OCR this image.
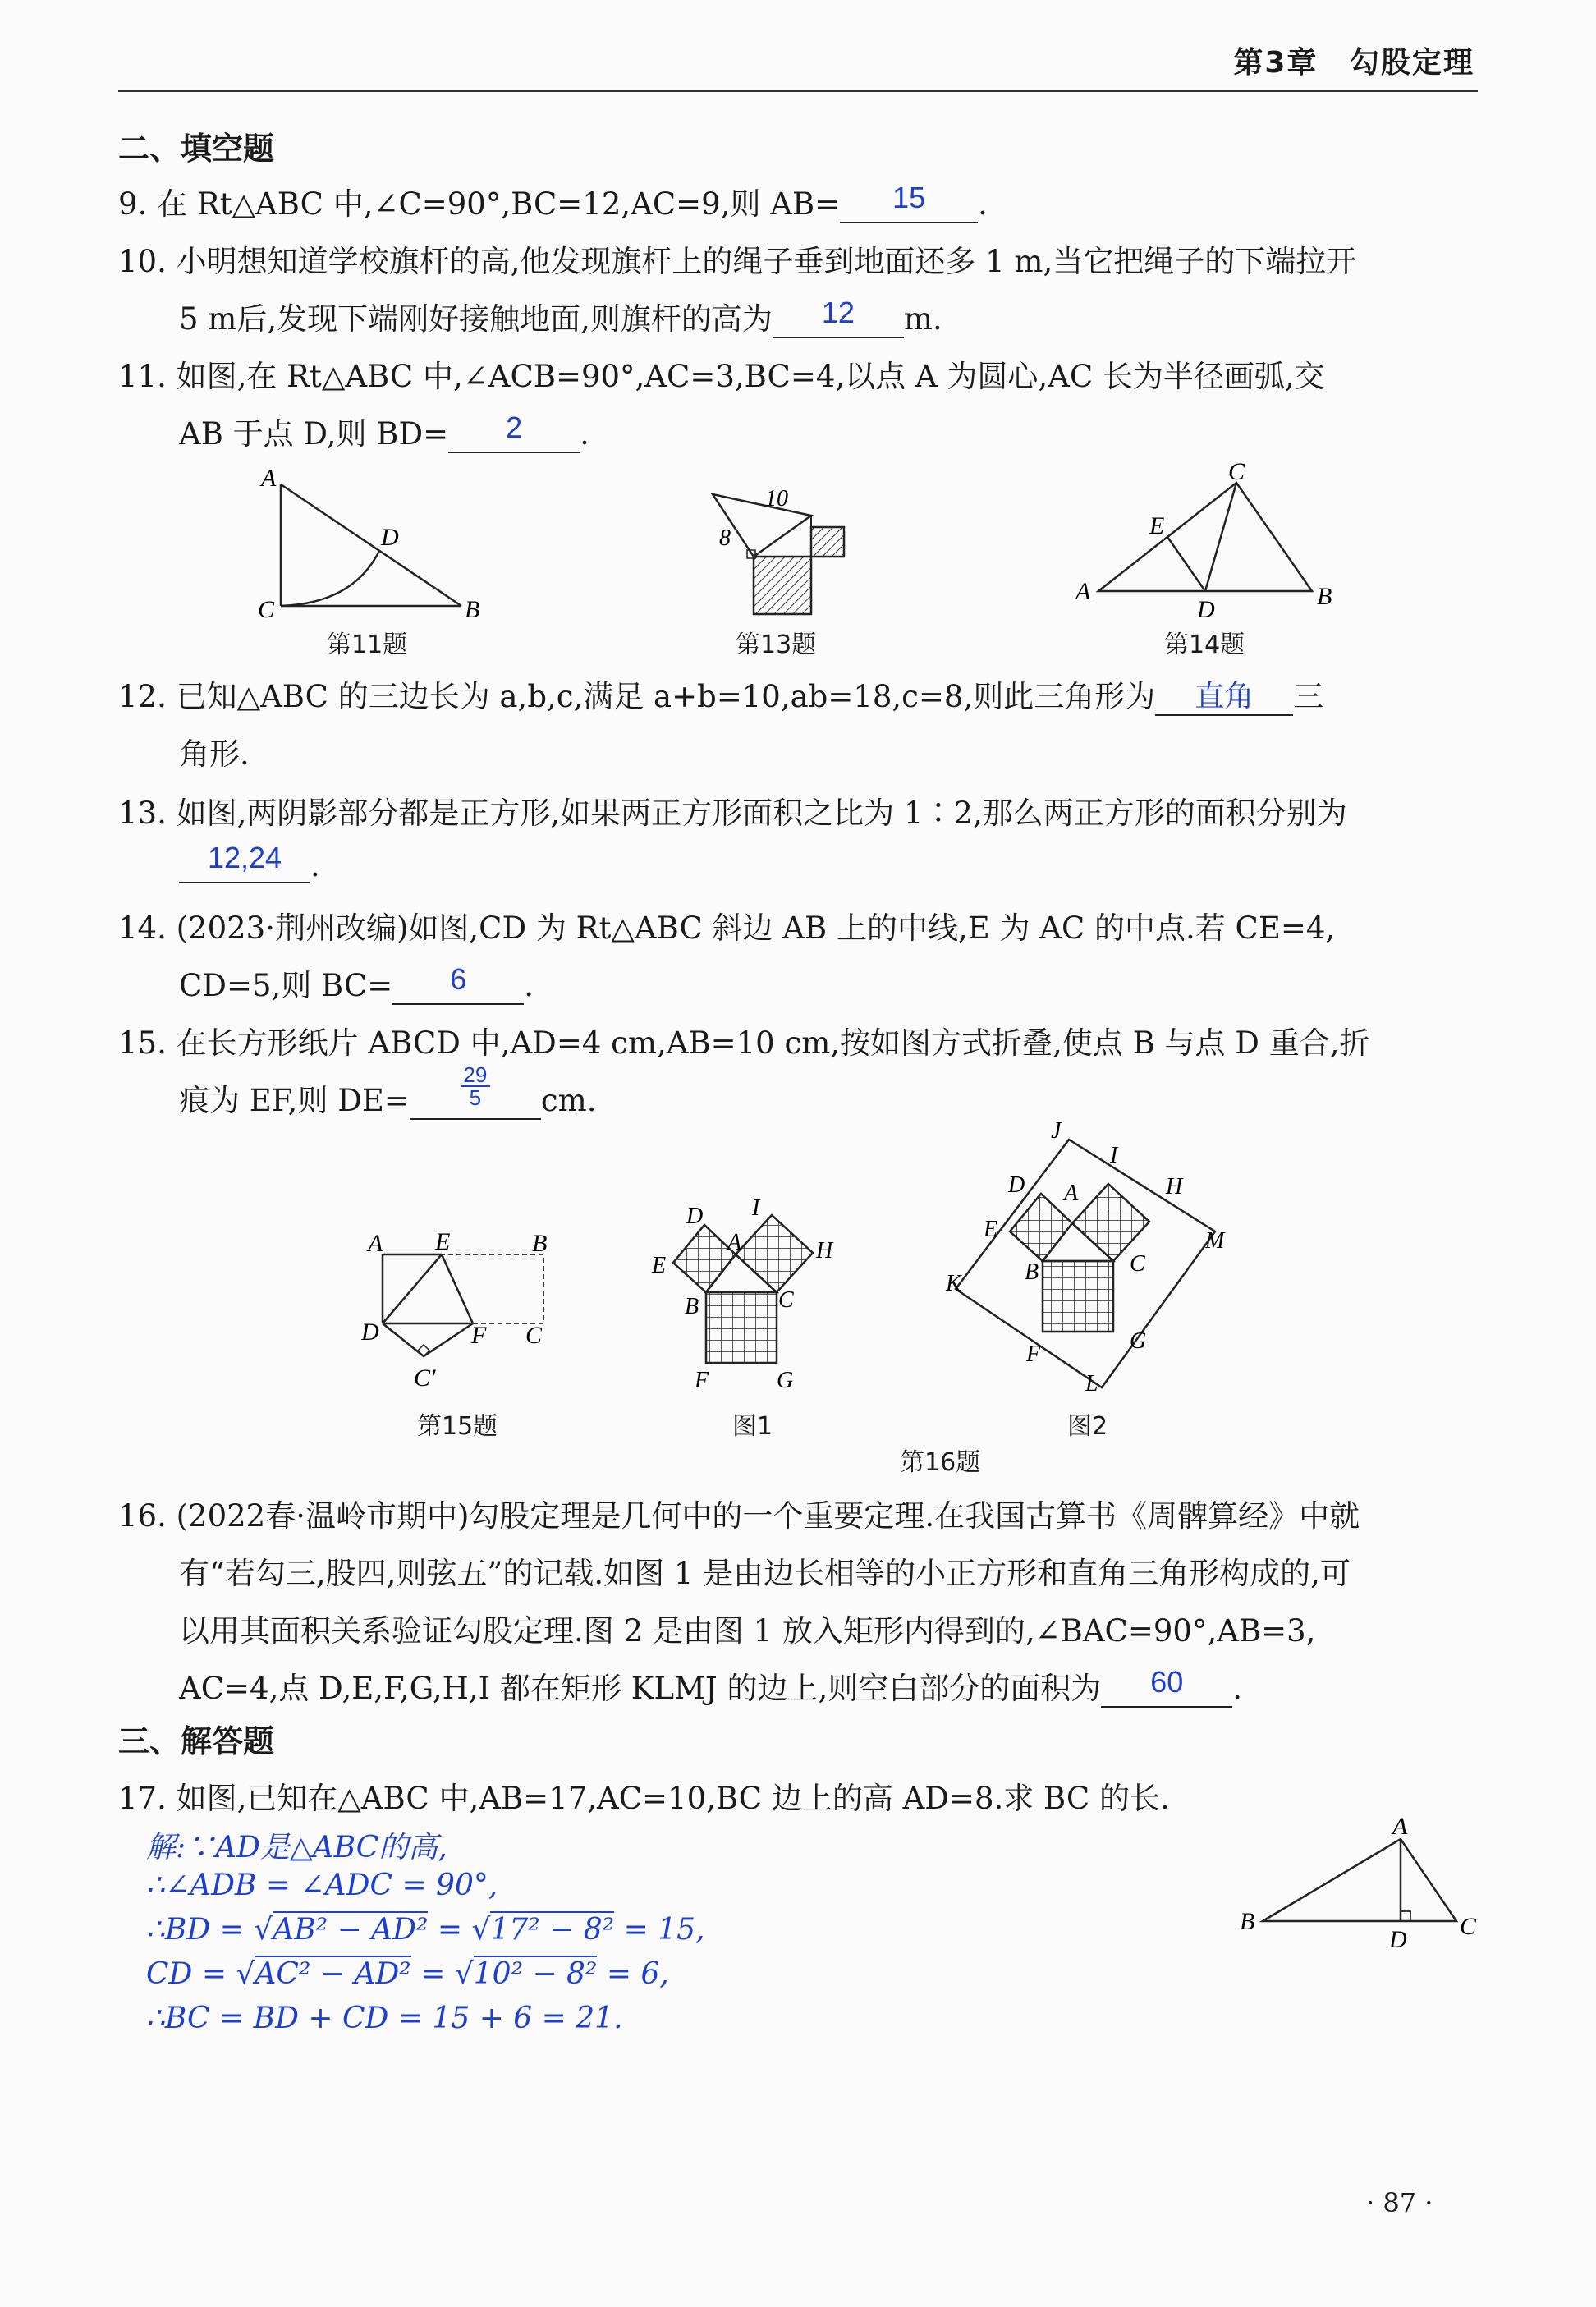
第3章 勾股定理
二、填空题
9. 在 Rt△ABC 中,∠C=90°,BC=12,AC=9,则 AB=	15	.
10. 小明想知道学校旗杆的高,他发现旗杆上的绳子垂到地面还多 1 m,当它把绳子的下端拉开
5 m后,发现下端刚好接触地面,则旗杆的高为	12	m.
11. 如图,在 Rt△ABC 中,∠ACB=90°,AC=3,BC=4,以点 A 为圆心,AC 长为半径画弧,交
AB 于点 D,则 BD=	2	.
A
D
C	B
第11题
10
8
第13题
C
E
A
D	B
第14题
12. 已知△ABC 的三边长为 a,b,c,满足 a+b=10,ab=18,c=8,则此三角形为	直角	三
角形.
13. 如图,两阴影部分都是正方形,如果两正方形面积之比为 1∶2,那么两正方形的面积分别为
12,24 .
14. (2023·荆州改编)如图,CD 为 Rt△ABC 斜边 AB 上的中线,E 为 AC 的中点.若 CE=4,
CD=5,则 BC=	6	.
15. 在长方形纸片 ABCD 中,AD=4 cm,AB=10 cm,按如图方式折叠,使点 B 与点 D 重合,折
痕为 EF,则 $DE= \frac{29}{5}$ cm.
A E	B
D	F C
C′
第15题
D I
A	H
E
B	C
F	G
图1
J
I
D A	H
E	M
B	C
K
F
G
L
图2
第16题
16. (2022春·温岭市期中)勾股定理是几何中的一个重要定理.在我国古算书《周髀算经》中就
有“若勾三,股四,则弦五”的记载.如图 1 是由边长相等的小正方形和直角三角形构成的,可
以用其面积关系验证勾股定理.图 2 是由图 1 放入矩形内得到的,∠BAC=90°,AB=3,
AC=4,点 D,E,F,G,H,I 都在矩形 KLMJ 的边上,则空白部分的面积为	60	.
三、解答题
17. 如图,已知在△ABC 中,AB=17,AC=10,BC 边上的高 AD=8.求 BC 的长.
解:∵AD是△ABC的高,
∴∠ADB = ∠ADC = 90°,
∴BD = √AB² − AD² = √17² − 8² = 15,
CD = √AC² − AD² = √10² − 8² = 6,
∴BC = BD + CD = 15 + 6 = 21.
A
B
D C
· 87 ·
